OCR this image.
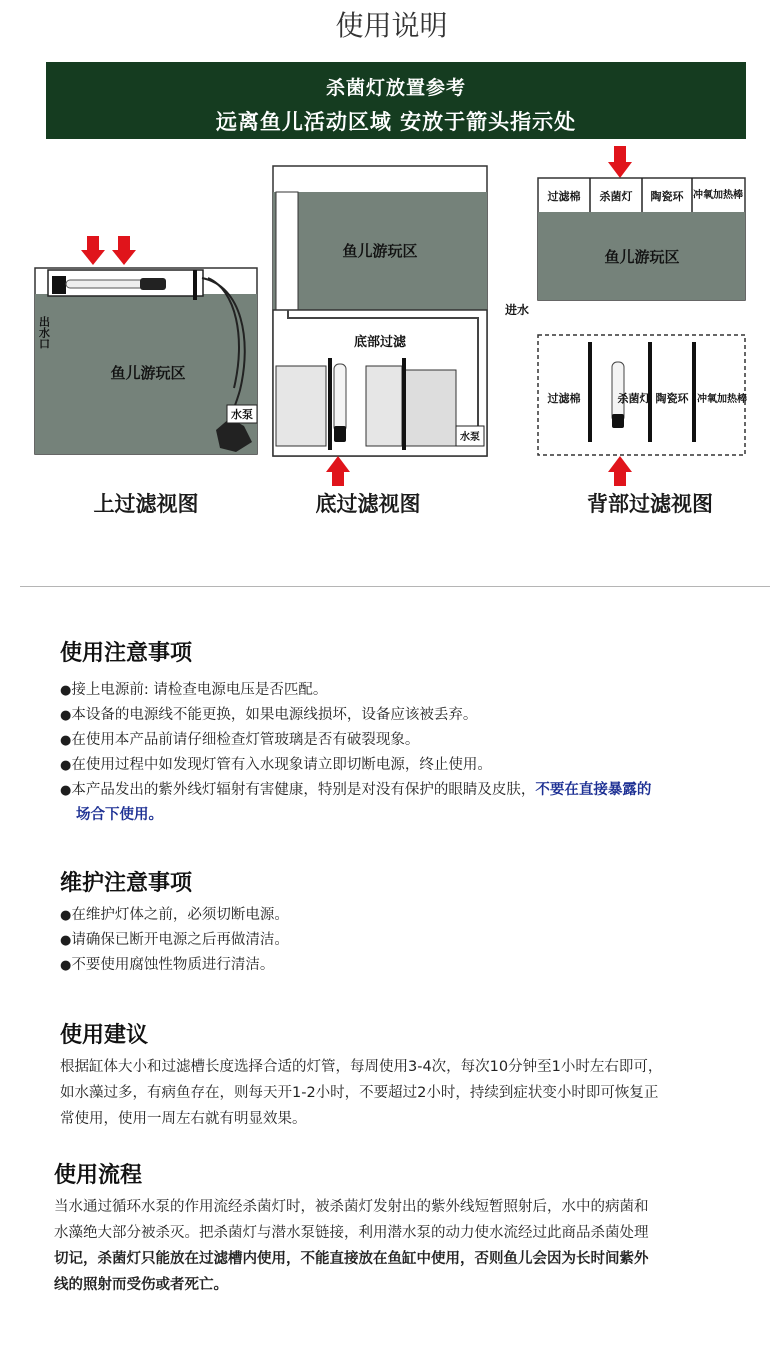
使用说明
杀菌灯放置参考
远离鱼儿活动区域 安放于箭头指示处
水泵
出水口
鱼儿游玩区
上过滤视图
鱼儿游玩区
底部过滤
水泵
底过滤视图
过滤棉 杀菌灯 陶瓷环 冲氧加热棒
鱼儿游玩区
进水
过滤棉	杀菌灯 陶瓷环 冲氧加热棒
背部过滤视图
使用注意事项
●接上电源前: 请检查电源电压是否匹配。
●本设备的电源线不能更换，如果电源线损坏，设备应该被丢弃。
●在使用本产品前请仔细检查灯管玻璃是否有破裂现象。
●在使用过程中如发现灯管有入水现象请立即切断电源，终止使用。
●本产品发出的紫外线灯辐射有害健康，特别是对没有保护的眼睛及皮肤，不要在直接暴露的
场合下使用。
维护注意事项
●在维护灯体之前，必须切断电源。
●请确保已断开电源之后再做清洁。
●不要使用腐蚀性物质进行清洁。
使用建议
根据缸体大小和过滤槽长度选择合适的灯管，每周使用3-4次，每次10分钟至1小时左右即可，
如水藻过多，有病鱼存在，则每天开1-2小时，不要超过2小时，持续到症状变小时即可恢复正
常使用，使用一周左右就有明显效果。
使用流程
当水通过循环水泵的作用流经杀菌灯时，被杀菌灯发射出的紫外线短暂照射后，水中的病菌和
水藻绝大部分被杀灭。把杀菌灯与潜水泵链接，利用潜水泵的动力使水流经过此商品杀菌处理
切记，杀菌灯只能放在过滤槽内使用，不能直接放在鱼缸中使用，否则鱼儿会因为长时间紫外
线的照射而受伤或者死亡。
